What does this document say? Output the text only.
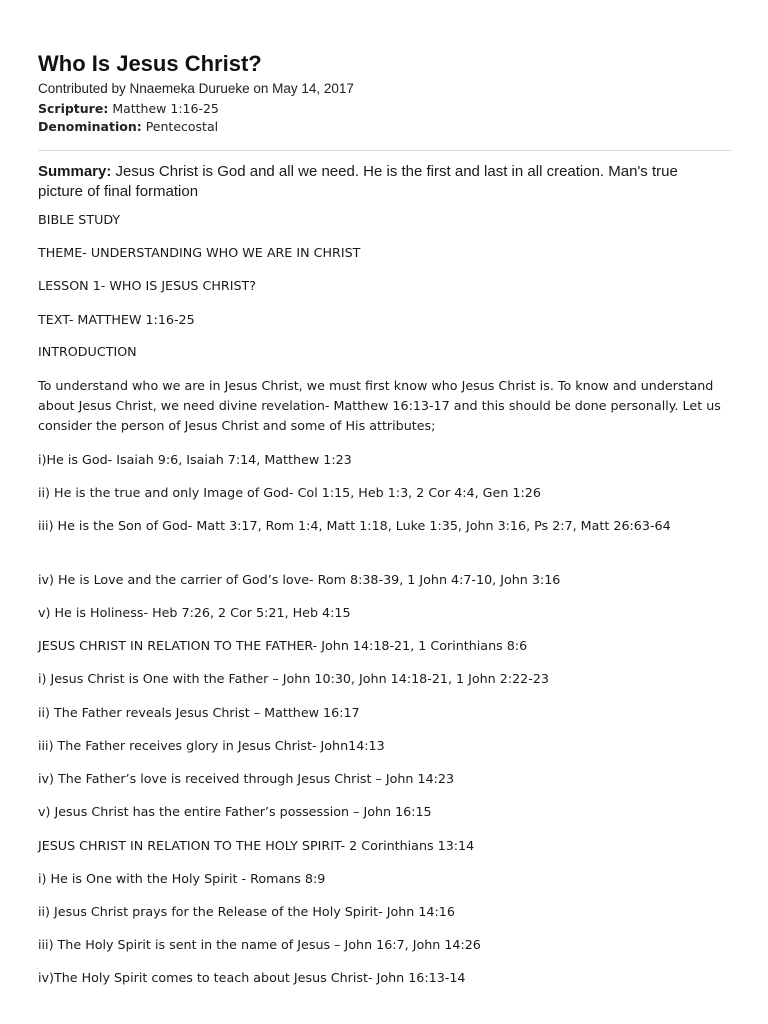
Who Is Jesus Christ?
Contributed by Nnaemeka Durueke on May 14, 2017
Scripture: Matthew 1:16-25
Denomination: Pentecostal
Summary: Jesus Christ is God and all we need. He is the first and last in all creation. Man's true picture of final formation

BIBLE STUDY

THEME- UNDERSTANDING WHO WE ARE IN CHRIST

LESSON 1- WHO IS JESUS CHRIST?

TEXT- MATTHEW 1:16-25

INTRODUCTION

To understand who we are in Jesus Christ, we must first know who Jesus Christ is. To know and understand about Jesus Christ, we need divine revelation- Matthew 16:13-17 and this should be done personally. Let us consider the person of Jesus Christ and some of His attributes;

i)He is God- Isaiah 9:6, Isaiah 7:14, Matthew 1:23

ii) He is the true and only Image of God- Col 1:15, Heb 1:3, 2 Cor 4:4, Gen 1:26

iii) He is the Son of God- Matt 3:17, Rom 1:4, Matt 1:18, Luke 1:35, John 3:16, Ps 2:7, Matt 26:63-64

iv) He is Love and the carrier of God’s love- Rom 8:38-39, 1 John 4:7-10, John 3:16

v) He is Holiness- Heb 7:26, 2 Cor 5:21, Heb 4:15

JESUS CHRIST IN RELATION TO THE FATHER- John 14:18-21, 1 Corinthians 8:6

i) Jesus Christ is One with the Father – John 10:30, John 14:18-21, 1 John 2:22-23

ii) The Father reveals Jesus Christ – Matthew 16:17

iii) The Father receives glory in Jesus Christ- John14:13

iv) The Father’s love is received through Jesus Christ – John 14:23

v) Jesus Christ has the entire Father’s possession – John 16:15

JESUS CHRIST IN RELATION TO THE HOLY SPIRIT- 2 Corinthians 13:14

i) He is One with the Holy Spirit - Romans 8:9

ii) Jesus Christ prays for the Release of the Holy Spirit- John 14:16

iii) The Holy Spirit is sent in the name of Jesus – John 16:7, John 14:26

iv)The Holy Spirit comes to teach about Jesus Christ- John 16:13-14
